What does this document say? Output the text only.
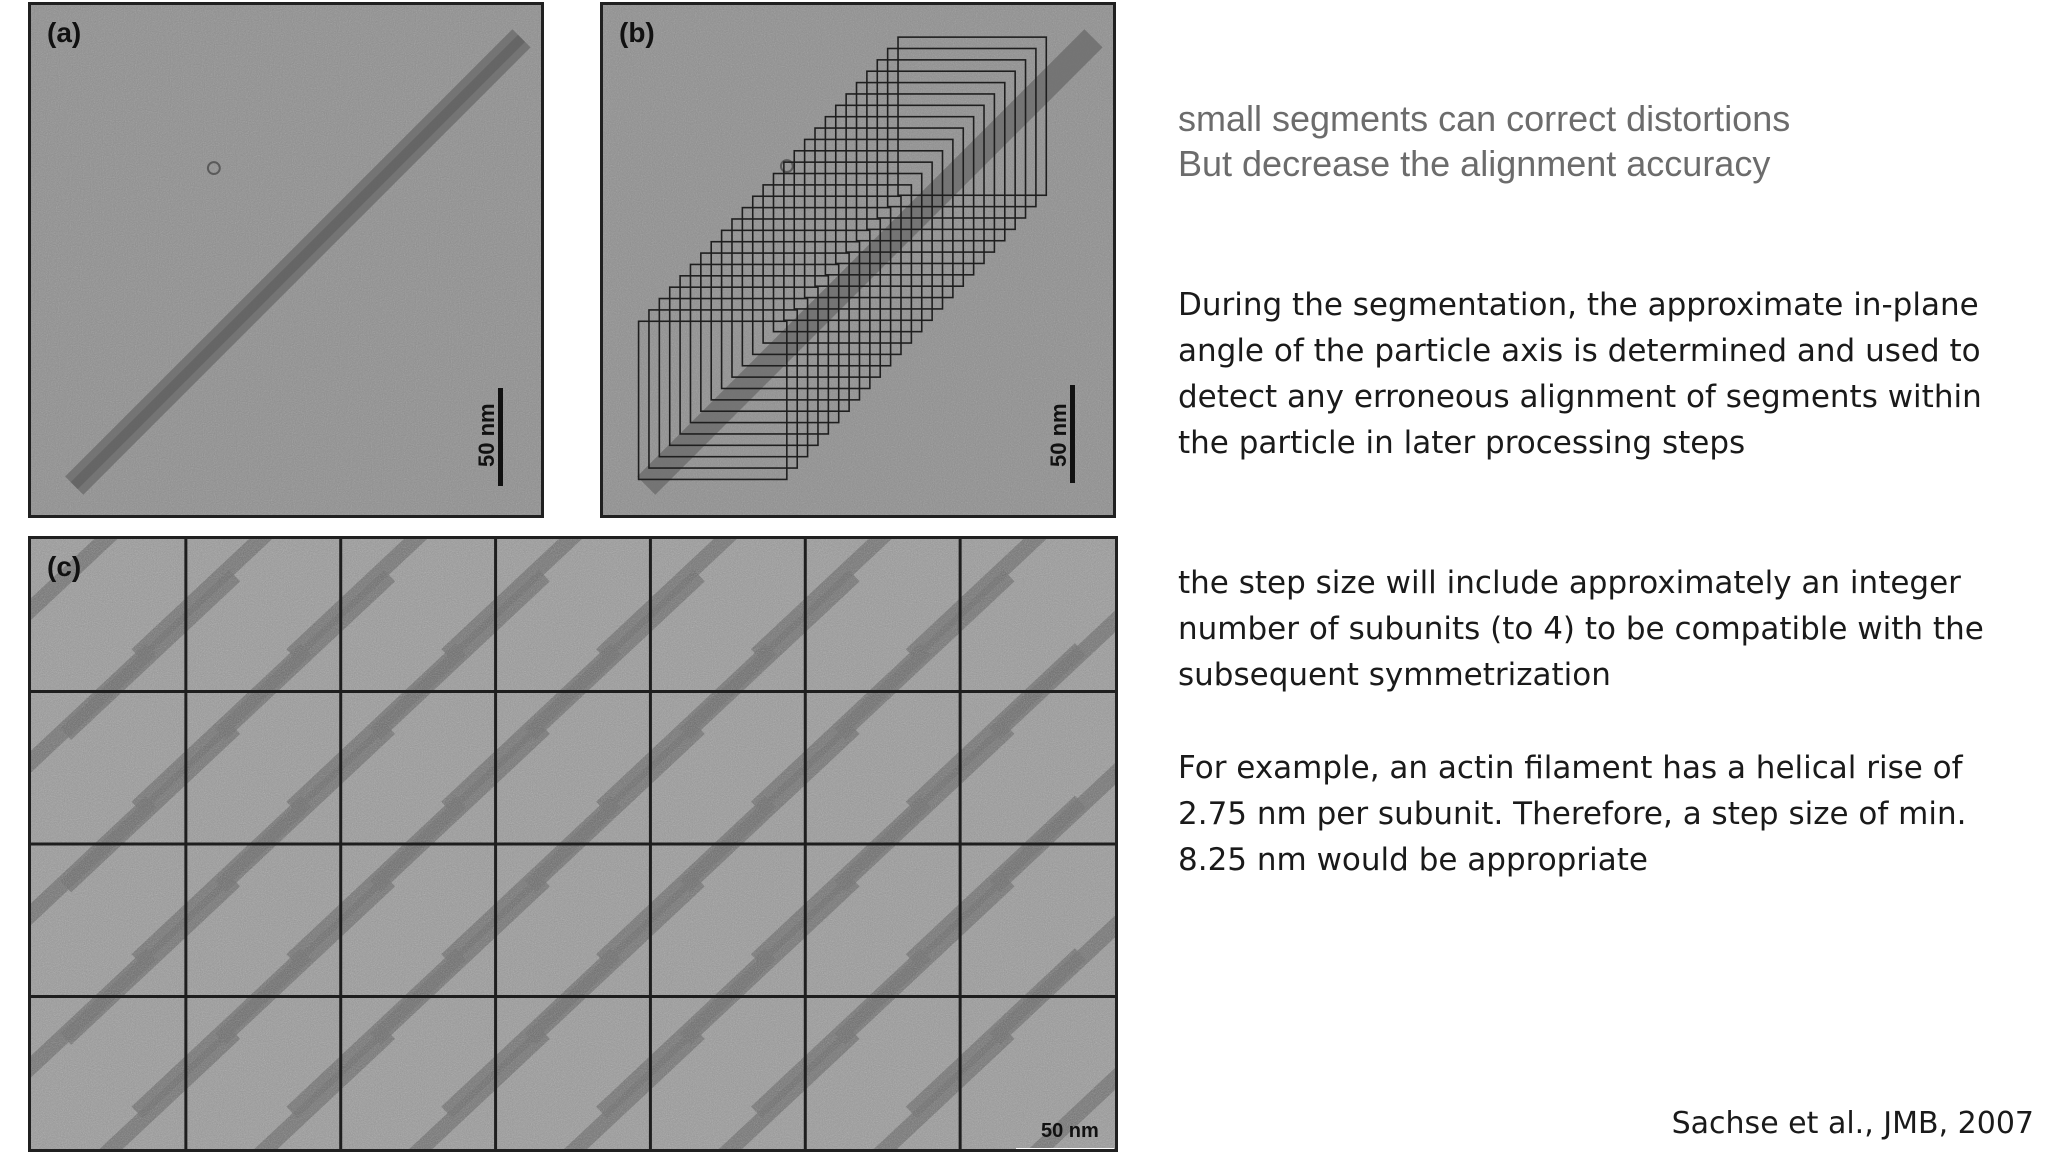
(a)
50 nm
(b)
50 nm
(c)
50 nm
small segments can correct distortions
But decrease the alignment accuracy
During the segmentation, the approximate in-plane angle of the particle axis is determined and used to detect any erroneous alignment of segments within the particle in later processing steps
the step size will include approximately an integer number of subunits (to 4) to be compatible with the subsequent symmetrization
For example, an actin filament has a helical rise of 2.75 nm per subunit. Therefore, a step size of min. 8.25 nm would be appropriate
Sachse et al., JMB, 2007
